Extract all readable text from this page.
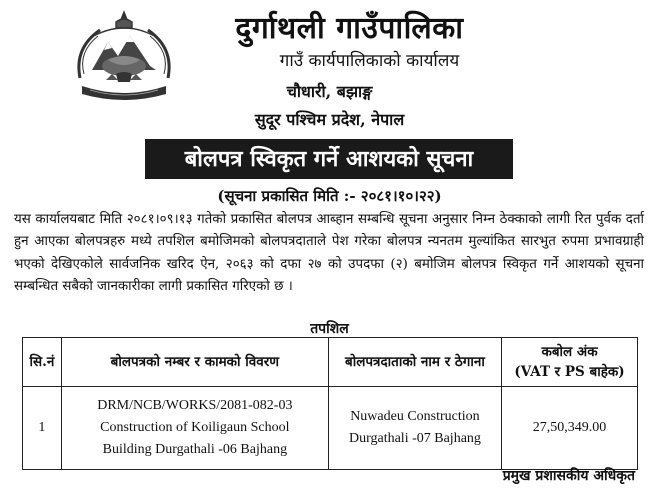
दुर्गाथली गाउँपालिका
गाउँ कार्यपालिकाको कार्यालय
चौधारी, बझाङ्ग
सुदूर पश्चिम प्रदेश, नेपाल
बोलपत्र स्विकृत गर्ने आशयको सूचना
(सूचना प्रकासित मिति :- २०८१।१०।२२)
यस कार्यालयबाट मिति २०८१।०९।१३ गतेको प्रकासित बोलपत्र आब्हान सम्बन्धि सूचना अनुसार निम्न ठेक्काको लागी रित पुर्वक दर्ता हुन आएका बोलपत्रहरु मध्ये तपशिल बमोजिमको बोलपत्रदाताले पेश गरेका बोलपत्र न्यनतम मुल्यांकित सारभुत रुपमा प्रभावग्राही भएको देखिएकोले सार्वजनिक खरिद ऐन, २०६३ को दफा २७ को उपदफा (२) बमोजिम बोलपत्र स्विकृत गर्ने आशयको सूचना सम्बन्धित सबैको जानकारीका लागी प्रकासित गरिएको छ ।
तपशिल
सि.नं	बोलपत्रको नम्बर र कामको विवरण	बोलपत्रदाताको नाम र ठेगाना	कबोल अंक
(VAT र PS बाहेक)
1	DRM/NCB/WORKS/2081-082-03
Construction of Koiligaun School
Building Durgathali -06 Bajhang	Nuwadeu Construction
Durgathali -07 Bajhang	27,50,349.00
प्रमुख प्रशासकीय अधिकृत
